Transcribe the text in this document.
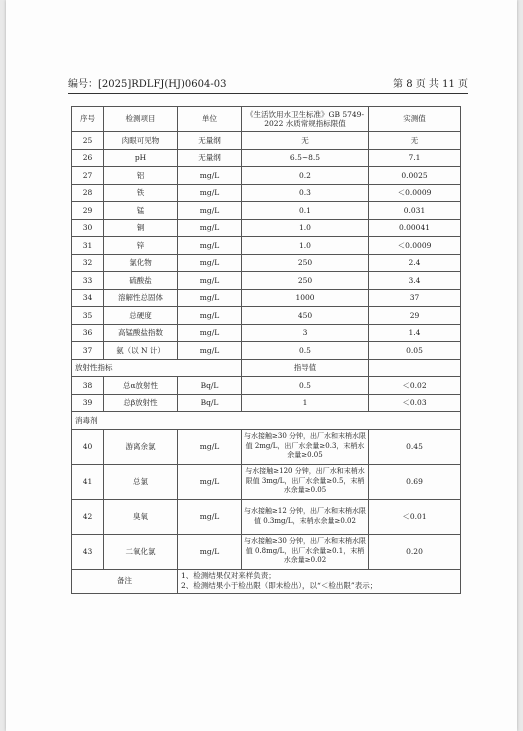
编号：[2025]RDLFJ(HJ)0604-03	第 8 页 共 11 页
序号	检测项目	单位	《生活饮用水卫生标准》GB 5749-2022 水质常规指标限值	实测值
25	肉眼可见物	无量纲	无	无
26	pH	无量纲	6.5~8.5	7.1
27	铝	mg/L	0.2	0.0025
28	铁	mg/L	0.3	＜0.0009
29	锰	mg/L	0.1	0.031
30	铜	mg/L	1.0	0.00041
31	锌	mg/L	1.0	＜0.0009
32	氯化物	mg/L	250	2.4
33	硫酸盐	mg/L	250	3.4
34	溶解性总固体	mg/L	1000	37
35	总硬度	mg/L	450	29
36	高锰酸盐指数	mg/L	3	1.4
37	氨（以 N 计）	mg/L	0.5	0.05
放射性指标			指导值	
38	总α放射性	Bq/L	0.5	＜0.02
39	总β放射性	Bq/L	1	＜0.03
消毒剂				
40	游离余氯	mg/L	与水接触≥30 分钟，出厂水和末梢水限值 2mg/L，出厂水余量≥0.3，末梢水余量≥0.05	0.45
41	总氯	mg/L	与水接触≥120 分钟，出厂水和末梢水限值 3mg/L，出厂水余量≥0.5，末梢水余量≥0.05	0.69
42	臭氧	mg/L	与水接触≥12 分钟，出厂水和末梢水限值 0.3mg/L，末梢水余量≥0.02	＜0.01
43	二氧化氯	mg/L	与水接触≥30 分钟，出厂水和末梢水限值 0.8mg/L，出厂水余量≥0.1，末梢水余量≥0.02	0.20
备注		1、检测结果仅对来样负责；
2、检测结果小于检出限（即未检出），以“＜检出限”表示；		
